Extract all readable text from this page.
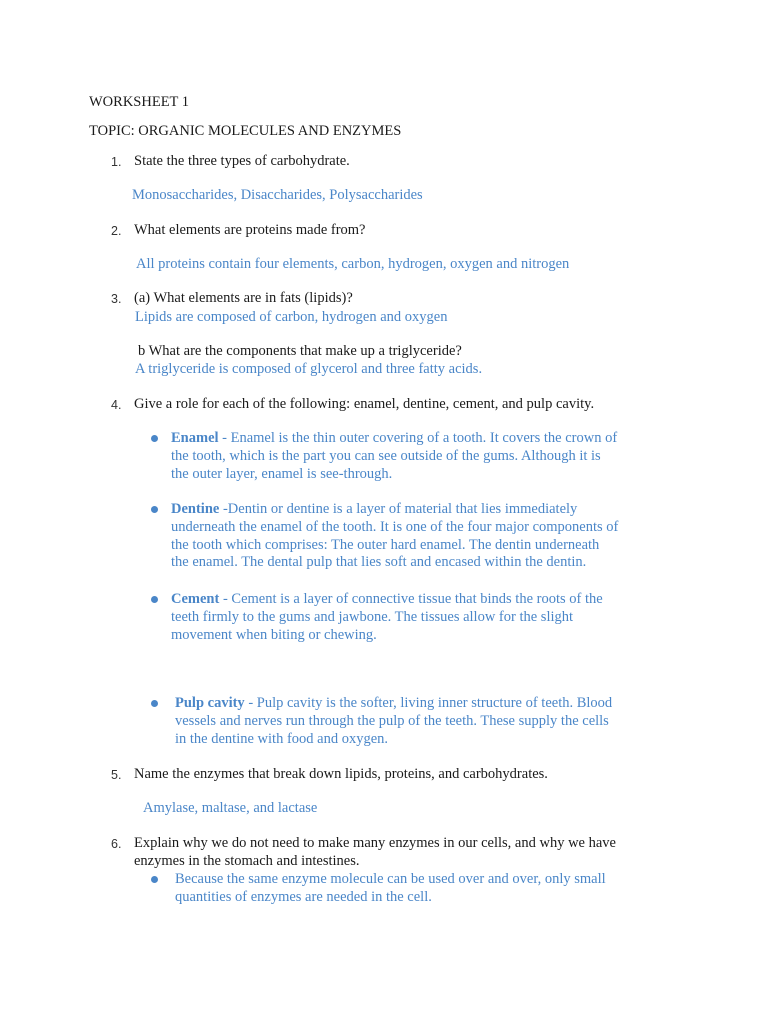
WORKSHEET 1
TOPIC: ORGANIC MOLECULES AND ENZYMES
1. State the three types of carbohydrate.
Monosaccharides, Disaccharides, Polysaccharides
2. What elements are proteins made from?
All proteins contain four elements, carbon, hydrogen, oxygen and nitrogen
3. (a) What elements are in fats (lipids)?
Lipids are composed of carbon, hydrogen and oxygen
b What are the components that make up a triglyceride?
A triglyceride is composed of glycerol and three fatty acids.
4. Give a role for each of the following: enamel, dentine, cement, and pulp cavity.
Enamel - Enamel is the thin outer covering of a tooth. It covers the crown of
the tooth, which is the part you can see outside of the gums. Although it is
the outer layer, enamel is see-through.
Dentine -Dentin or dentine is a layer of material that lies immediately
underneath the enamel of the tooth. It is one of the four major components of
the tooth which comprises: The outer hard enamel. The dentin underneath
the enamel. The dental pulp that lies soft and encased within the dentin.
Cement - Cement is a layer of connective tissue that binds the roots of the
teeth firmly to the gums and jawbone. The tissues allow for the slight
movement when biting or chewing.
Pulp cavity - Pulp cavity is the softer, living inner structure of teeth. Blood
vessels and nerves run through the pulp of the teeth. These supply the cells
in the dentine with food and oxygen.
5. Name the enzymes that break down lipids, proteins, and carbohydrates.
Amylase, maltase, and lactase
6. Explain why we do not need to make many enzymes in our cells, and why we have
enzymes in the stomach and intestines.
Because the same enzyme molecule can be used over and over, only small
quantities of enzymes are needed in the cell.
